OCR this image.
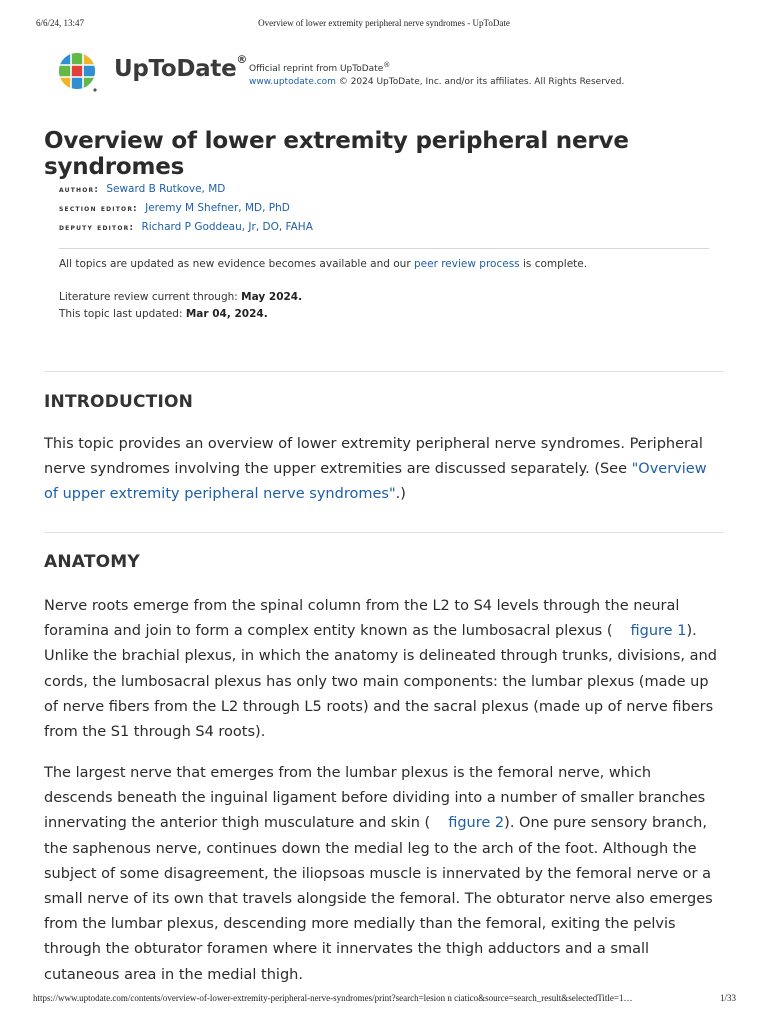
6/6/24, 13:47	Overview of lower extremity peripheral nerve syndromes - UpToDate
UpToDate®
Official reprint from UpToDate®
www.uptodate.com © 2024 UpToDate, Inc. and/or its affiliates. All Rights Reserved.
Overview of lower extremity peripheral nerve syndromes
author: Seward B Rutkove, MD
section editor: Jeremy M Shefner, MD, PhD
deputy editor: Richard P Goddeau, Jr, DO, FAHA
All topics are updated as new evidence becomes available and our peer review process is complete.
Literature review current through: May 2024.
This topic last updated: Mar 04, 2024.
INTRODUCTION

This topic provides an overview of lower extremity peripheral nerve syndromes. Peripheral nerve syndromes involving the upper extremities are discussed separately. (See "Overview of upper extremity peripheral nerve syndromes".)

ANATOMY

Nerve roots emerge from the spinal column from the L2 to S4 levels through the neural foramina and join to form a complex entity known as the lumbosacral plexus ( figure 1). Unlike the brachial plexus, in which the anatomy is delineated through trunks, divisions, and cords, the lumbosacral plexus has only two main components: the lumbar plexus (made up of nerve fibers from the L2 through L5 roots) and the sacral plexus (made up of nerve fibers from the S1 through S4 roots).

The largest nerve that emerges from the lumbar plexus is the femoral nerve, which descends beneath the inguinal ligament before dividing into a number of smaller branches innervating the anterior thigh musculature and skin ( figure 2). One pure sensory branch, the saphenous nerve, continues down the medial leg to the arch of the foot. Although the subject of some disagreement, the iliopsoas muscle is innervated by the femoral nerve or a small nerve of its own that travels alongside the femoral. The obturator nerve also emerges from the lumbar plexus, descending more medially than the femoral, exiting the pelvis through the obturator foramen where it innervates the thigh adductors and a small cutaneous area in the medial thigh.

https://www.uptodate.com/contents/overview-of-lower-extremity-peripheral-nerve-syndromes/print?search=lesion n ciatico&source=search_result&selectedTitle=1…	1/33
